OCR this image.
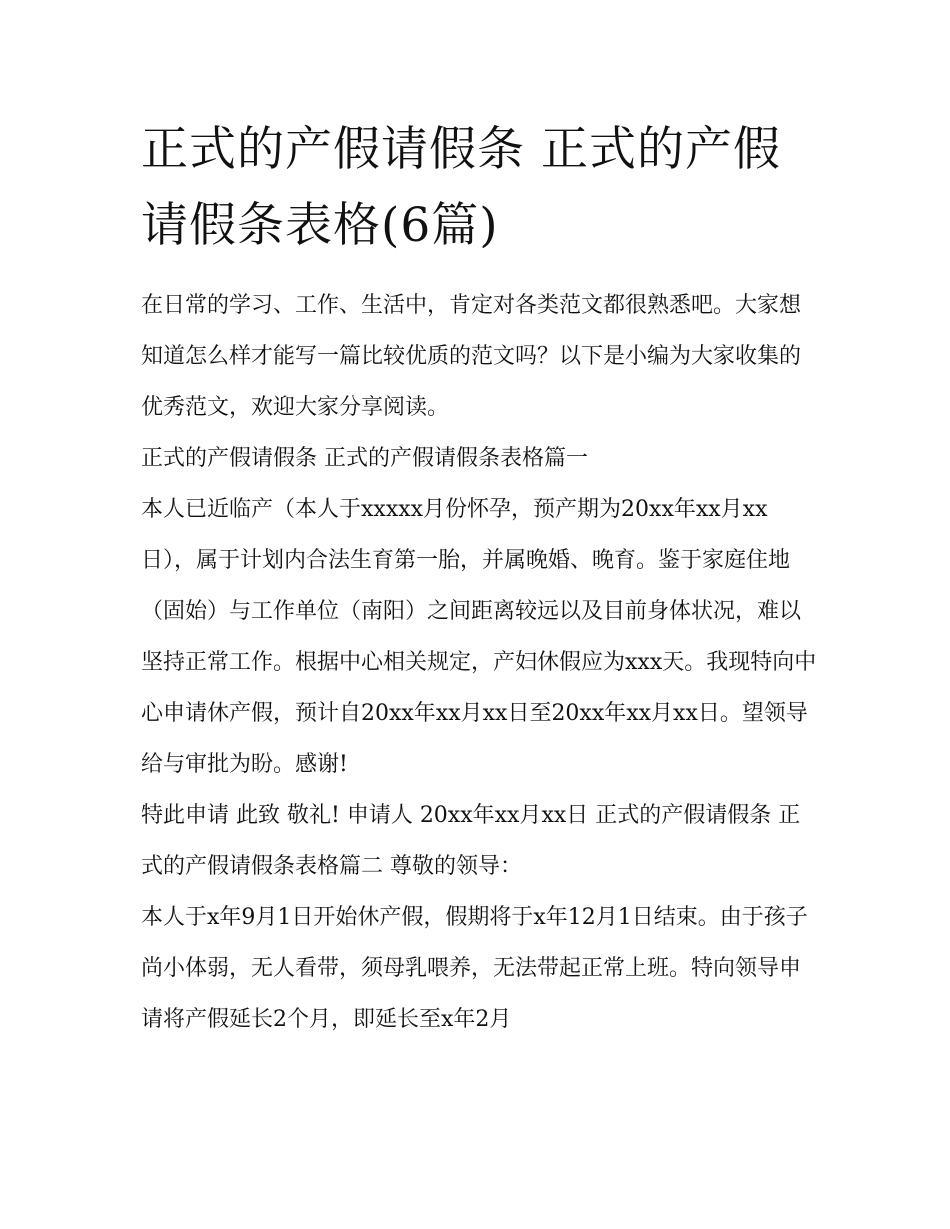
正式的产假请假条 正式的产假请假条表格(6篇)

在日常的学习、工作、生活中，肯定对各类范文都很熟悉吧。大家想知道怎么样才能写一篇比较优质的范文吗？以下是小编为大家收集的优秀范文，欢迎大家分享阅读。

正式的产假请假条 正式的产假请假条表格篇一

本人已近临产（本人于xxxxx月份怀孕，预产期为20xx年xx月xx日），属于计划内合法生育第一胎，并属晚婚、晚育。鉴于家庭住地（固始）与工作单位（南阳）之间距离较远以及目前身体状况，难以坚持正常工作。根据中心相关规定，产妇休假应为xxx天。我现特向中心申请休产假，预计自20xx年xx月xx日至20xx年xx月xx日。望领导给与审批为盼。感谢!

特此申请 此致 敬礼! 申请人 20xx年xx月xx日 正式的产假请假条 正式的产假请假条表格篇二 尊敬的领导：

本人于x年9月1日开始休产假，假期将于x年12月1日结束。由于孩子尚小体弱，无人看带，须母乳喂养，无法带起正常上班。特向领导申请将产假延长2个月，即延长至x年2月
